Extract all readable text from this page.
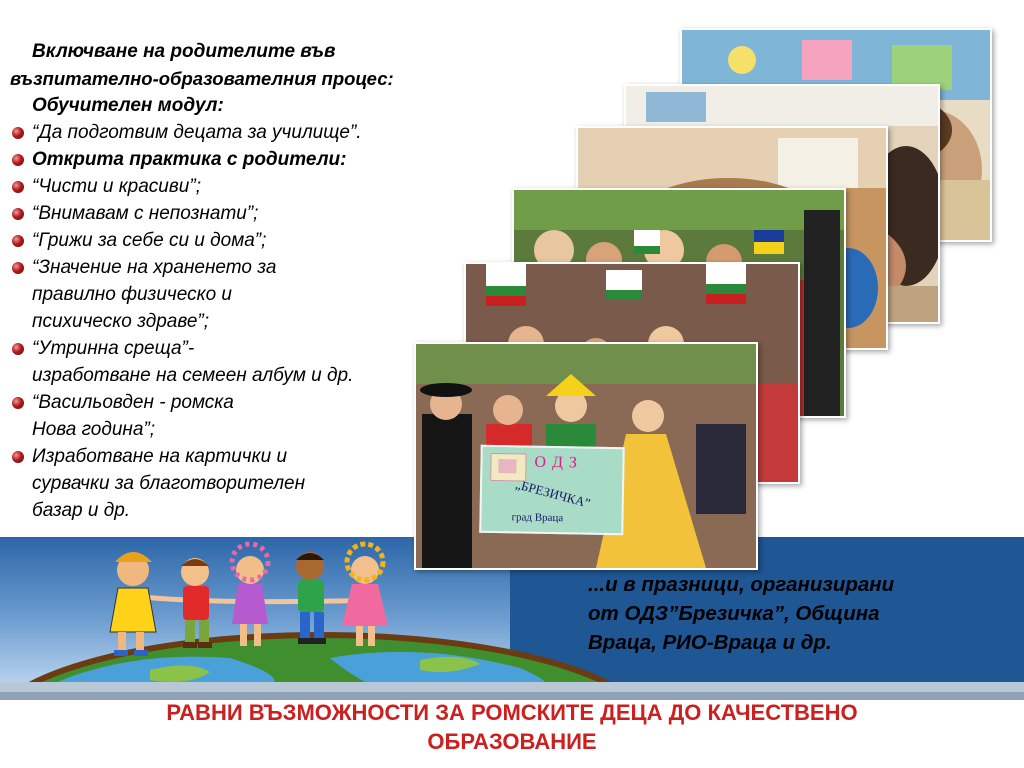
О Д З
„БРЕЗИЧКА”
град Враца

Включване на родителите във

възпитателно-образователния процес:

Обучителен модул:

“Да подготвим децата за училище”.
Открита практика с родители:
“Чисти и красиви”;
“Внимавам с непознати”;
“Грижи за себе си и дома”;
“Значение на храненето за
правилно физическо и
психическо здраве”;
“Утринна среща”-
изработване на семеен албум и др.
“Васильовден - ромска
Нова година”;
Изработване на картички и
сурвачки за благотворителен
базар и др.
...и в празници, организирани
от ОДЗ”Брезичка”, Община
Враца, РИО-Враца и др.
РАВНИ ВЪЗМОЖНОСТИ ЗА РОМСКИТЕ ДЕЦА ДО КАЧЕСТВЕНО
ОБРАЗОВАНИЕ
